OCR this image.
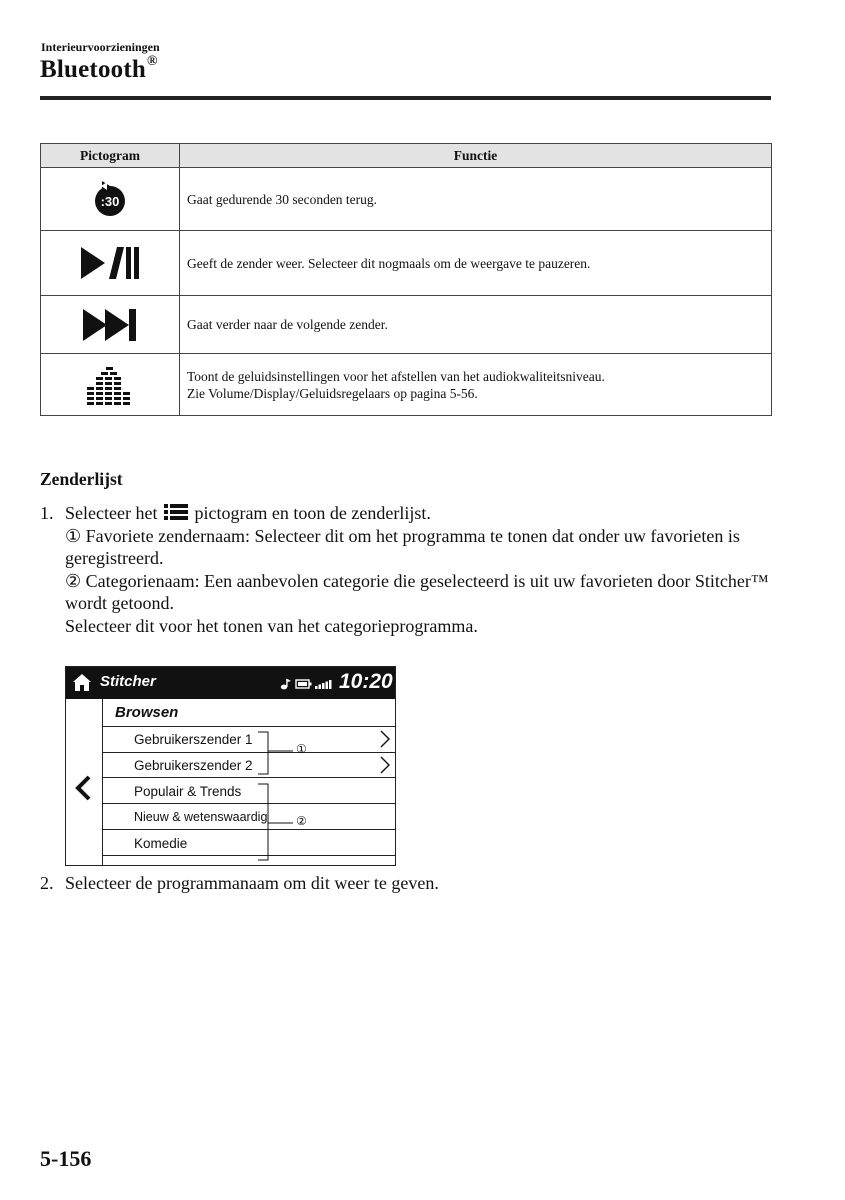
Interieurvoorzieningen
Bluetooth®
Pictogram	Functie

:30	Gaat gedurende 30 seconden terug.

	Geeft de zender weer. Selecteer dit nogmaals om de weergave te pauzeren.

	Gaat verder naar de volgende zender.

Toont de geluidsinstellingen voor het afstellen van het audiokwaliteitsniveau.
Zie Volume/Display/Geluidsregelaars op pagina 5-56.
Zenderlijst
1. Selecteer het pictogram en toon de zenderlijst.
① Favoriete zendernaam: Selecteer dit om het programma te tonen dat onder uw favorieten is geregistreerd.
② Categorienaam: Een aanbevolen categorie die geselecteerd is uit uw favorieten door Stitcher™ wordt getoond.
Selecteer dit voor het tonen van het categorieprogramma.
Stitcher	10:20
Browsen
Gebruikerszender 1
Gebruikerszender 2
Populair & Trends
Nieuw & wetenswaardig
Komedie
①
②
2. Selecteer de programmanaam om dit weer te geven.
5-156
